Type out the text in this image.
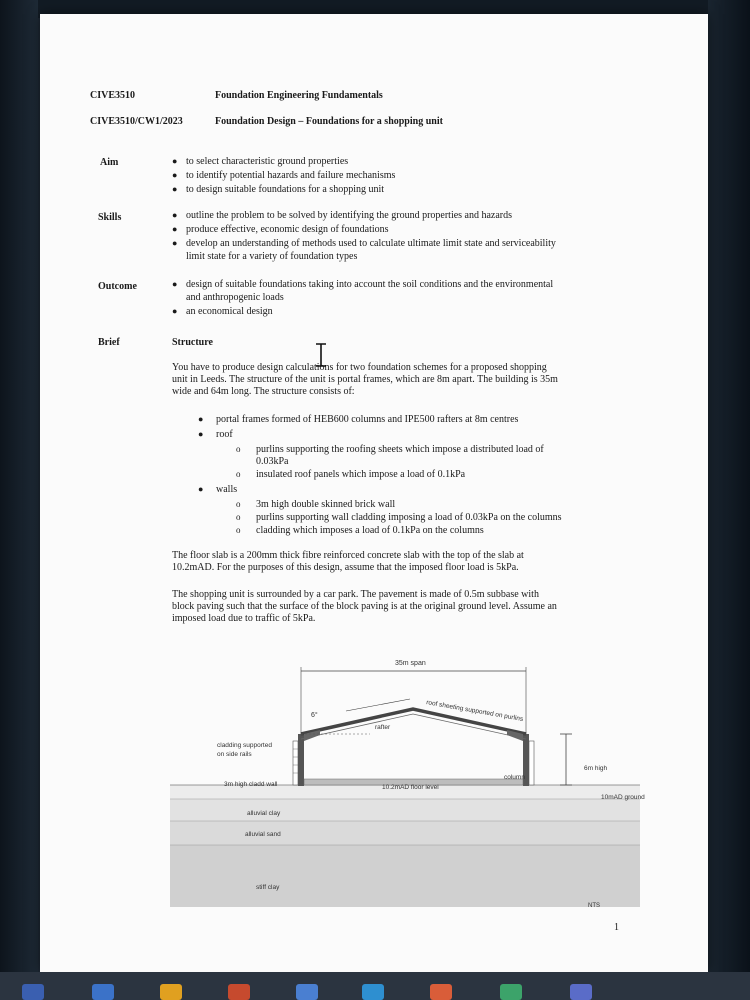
CIVE3510	Foundation Engineering Fundamentals
CIVE3510/CW1/2023	Foundation Design – Foundations for a shopping unit
Aim	● to select characteristic ground properties
● to identify potential hazards and failure mechanisms
● to design suitable foundations for a shopping unit
Skills	● outline the problem to be solved by identifying the ground properties and hazards
● produce effective, economic design of foundations
● develop an understanding of methods used to calculate ultimate limit state and serviceability
limit state for a variety of foundation types
Outcome	● design of suitable foundations taking into account the soil conditions and the environmental
and anthropogenic loads
● an economical design
Brief	Structure
You have to produce design calculations for two foundation schemes for a proposed shopping
unit in Leeds. The structure of the unit is portal frames, which are 8m apart. The building is 35m
wide and 64m long. The structure consists of:
● portal frames formed of HEB600 columns and IPE500 rafters at 8m centres
● roof
o purlins supporting the roofing sheets which impose a distributed load of
0.03kPa
o insulated roof panels which impose a load of 0.1kPa
● walls
o 3m high double skinned brick wall
o purlins supporting wall cladding imposing a load of 0.03kPa on the columns
o cladding which imposes a load of 0.1kPa on the columns
The floor slab is a 200mm thick fibre reinforced concrete slab with the top of the slab at
10.2mAD. For the purposes of this design, assume that the imposed floor load is 5kPa.
The shopping unit is surrounded by a car park. The pavement is made of 0.5m subbase with
block paving such that the surface of the block paving is at the original ground level. Assume an
imposed load due to traffic of 5kPa.
35m span
6°	roof sheeting supported on purlins
rafter
cladding supported
on side rails
3m high cladd wall	10.2mAD floor level
column
6m high
10mAD ground
alluvial clay
alluvial sand
stiff clay
NTS
1
